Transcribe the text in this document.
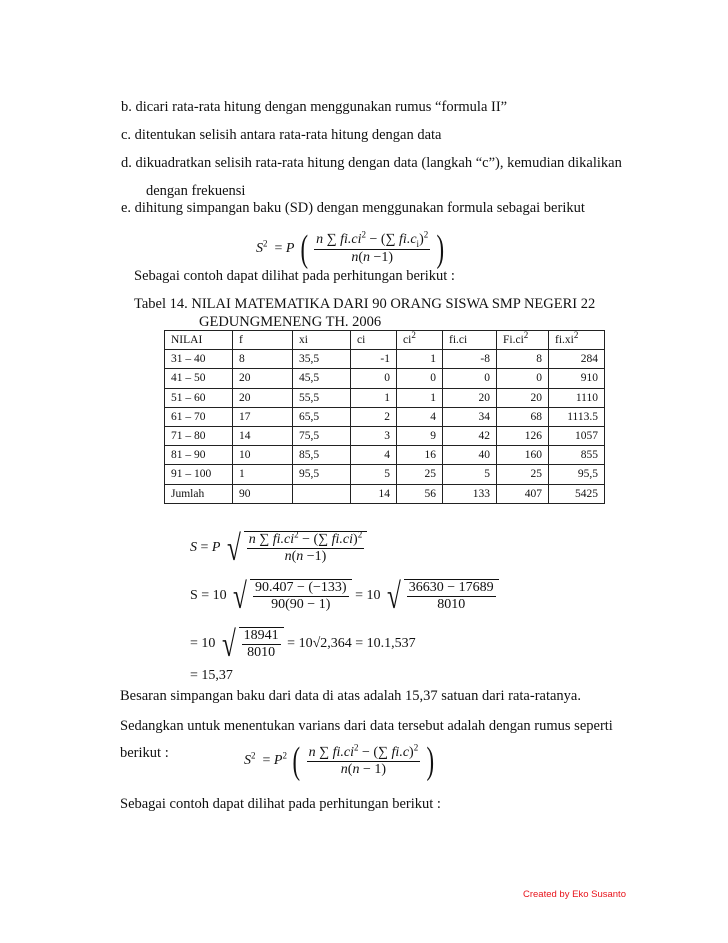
b. dicari rata-rata hitung dengan menggunakan rumus “formula II”
c. ditentukan selisih antara rata-rata hitung dengan data
d. dikuadratkan selisih rata-rata hitung dengan data (langkah “c”), kemudian dikalikan
dengan frekuensi
e. dihitung simpangan baku (SD) dengan menggunakan formula sebagai berikut
$S^2 = P$ ( $\frac{n \sum fi.ci^2 - (\sum fi.c_i)^2}{n(n -1)}$ )
Sebagai contoh dapat dilihat pada perhitungan berikut :
Tabel 14. NILAI MATEMATIKA DARI 90 ORANG SISWA SMP NEGERI 22
GEDUNGMENENG TH. 2006
NILAI	f	xi	ci	$ci^2$	fi.ci	$Fi.ci^2$	$fi.xi^2$
31 – 40	8	35,5	-1	1	-8	8	284
41 – 50	20	45,5	0	0	0	0	910
51 – 60	20	55,5	1	1	20	20	1110
61 – 70	17	65,5	2	4	34	68	1113.5
71 – 80	14	75,5	3	9	42	126	1057
81 – 90	10	85,5	4	16	40	160	855
91 – 100	1	95,5	5	25	5	25	95,5
Jumlah	90		14	56	133	407	5425
S = P √ $\frac{n \sum fi.ci^2 - (\sum fi.ci)^2}{n(n -1)}$
S = 10 √ $\frac{90.407 - (-133)}{90(90 - 1)} = 10$ √ $\frac{36630 - 17689}{8010}$
= 10 √ $\frac{18941}{8010} = 10√2,364 = 10.1,537$
= 15,37
Besaran simpangan baku dari data di atas adalah 15,37 satuan dari rata-ratanya.
Sedangkan untuk menentukan varians dari data tersebut adalah dengan rumus seperti
berikut :	$S^2 = P^2$ ( $\frac{n \sum fi.ci^2 - (\sum fi.c)^2}{n(n - 1)}$ )
Sebagai contoh dapat dilihat pada perhitungan berikut :
Created by Eko Susanto
